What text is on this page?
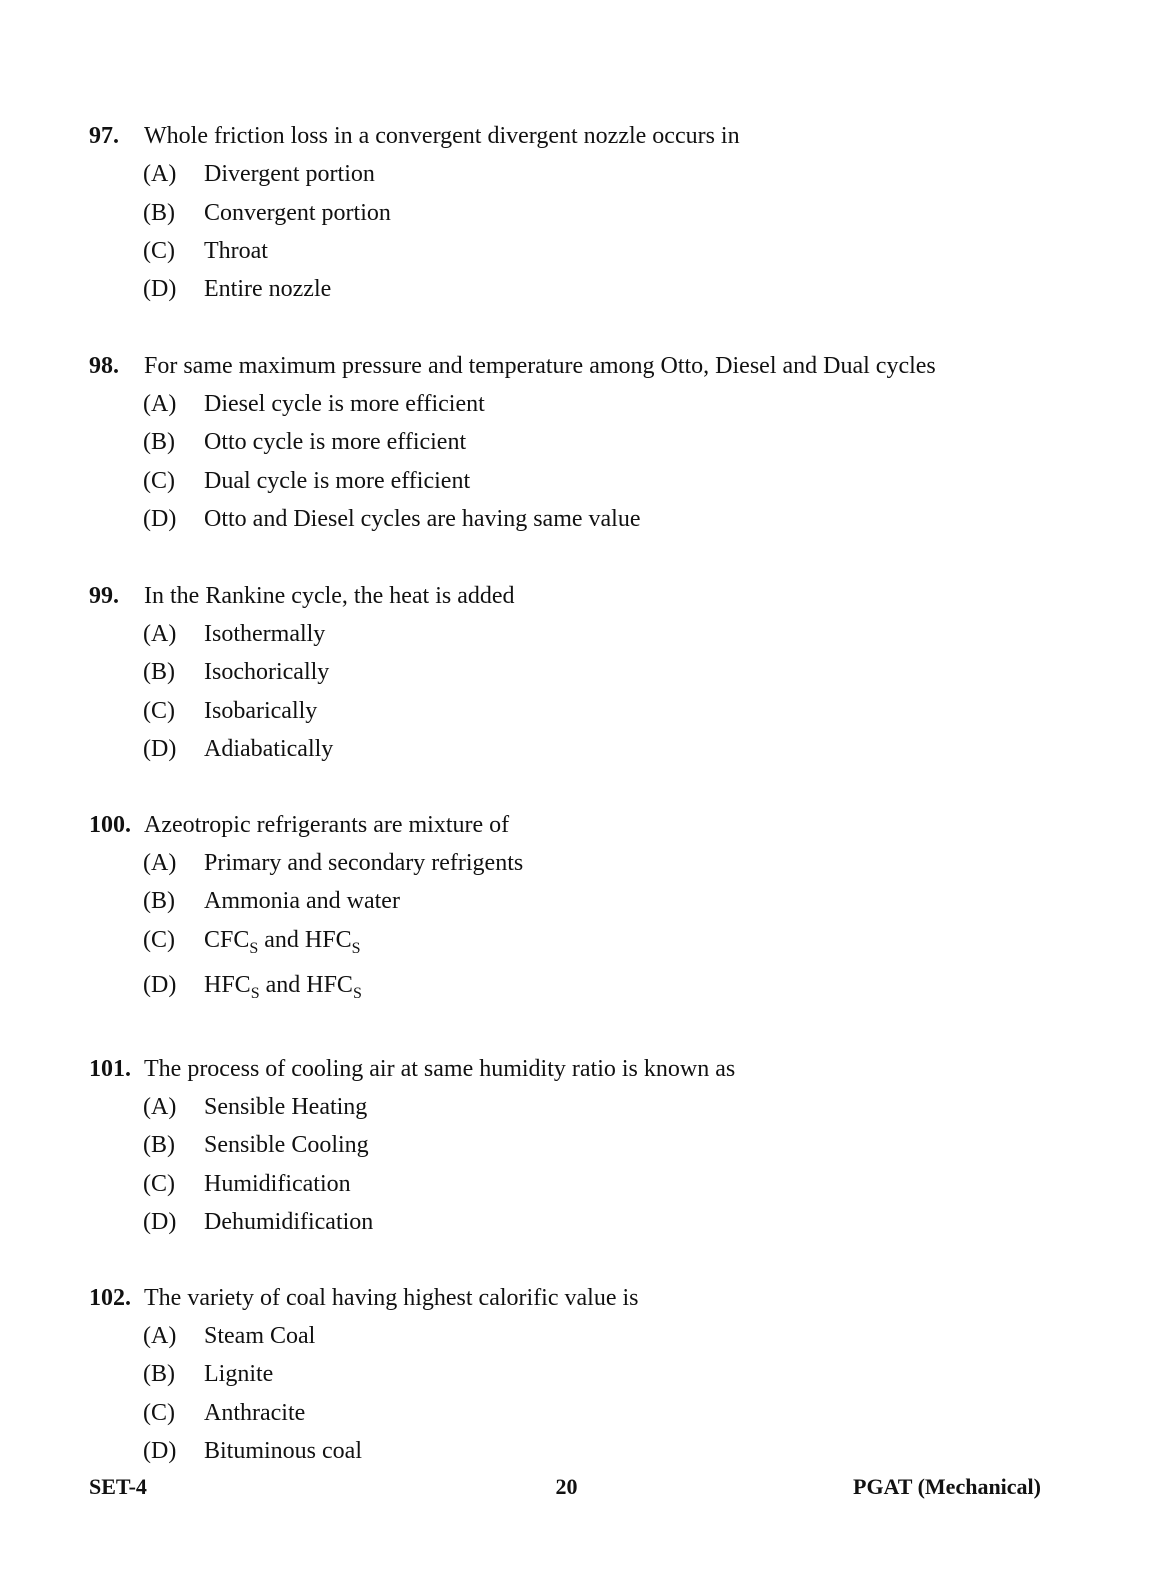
97. Whole friction loss in a convergent divergent nozzle occurs in
(A) Divergent portion
(B) Convergent portion
(C) Throat
(D) Entire nozzle
98. For same maximum pressure and temperature among Otto, Diesel and Dual cycles
(A) Diesel cycle is more efficient
(B) Otto cycle is more efficient
(C) Dual cycle is more efficient
(D) Otto and Diesel cycles are having same value
99. In the Rankine cycle, the heat is added
(A) Isothermally
(B) Isochorically
(C) Isobarically
(D) Adiabatically
100. Azeotropic refrigerants are mixture of
(A) Primary and secondary refrigents
(B) Ammonia and water
(C) $CFC_S$ and $HFC_S$
(D) $HFC_S$ and $HFC_S$
101. The process of cooling air at same humidity ratio is known as
(A) Sensible Heating
(B) Sensible Cooling
(C) Humidification
(D) Dehumidification
102. The variety of coal having highest calorific value is
(A) Steam Coal
(B) Lignite
(C) Anthracite
(D) Bituminous coal
SET-4	20	PGAT (Mechanical)
